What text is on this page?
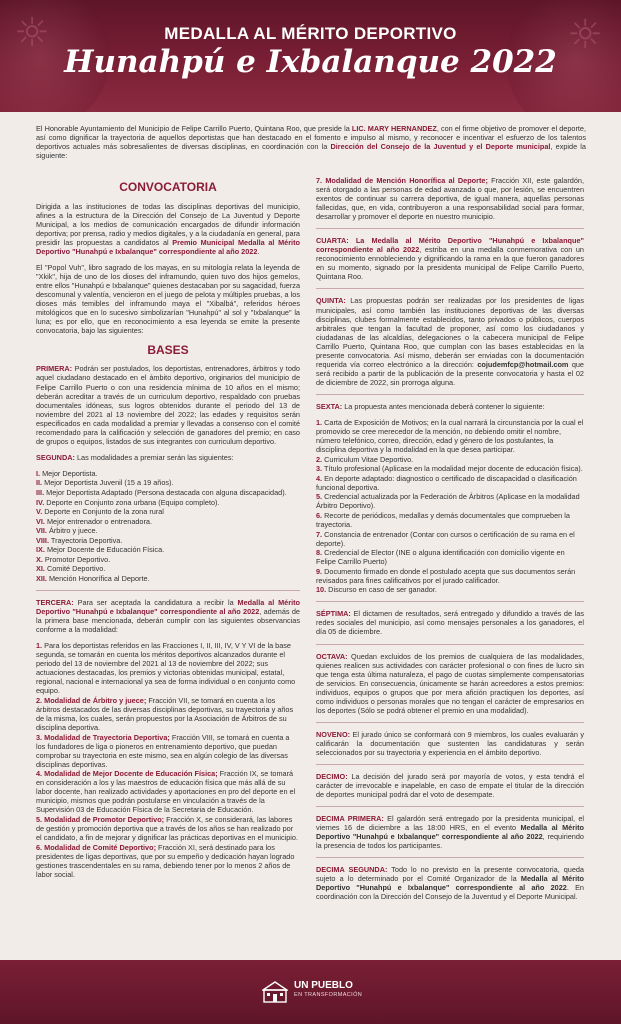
☼	☼
MEDALLA AL MÉRITO DEPORTIVO
Hunahpú e Ixbalanque 2022

El Honorable Ayuntamiento del Municipio de Felipe Carrillo Puerto, Quintana Roo, que preside la LIC. MARY HERNANDEZ, con el firme objetivo de promover el deporte, así como dignificar la trayectoria de aquellos deportistas que han destacado en el fomento e impulso al mismo, y reconocer e incentivar el esfuerzo de los talentos deportivos actuales más sobresalientes de diversas disciplinas, en coordinación con la Dirección del Consejo de la Juventud y el Deporte municipal, expide la siguiente:

CONVOCATORIA

Dirigida a las instituciones de todas las disciplinas deportivas del municipio, afines a la estructura de la Dirección del Consejo de La Juventud y Deporte Municipal, a los medios de comunicación encargados de difundir información deportiva; por prensa, radio y medios digitales, y a la ciudadanía en general, para presidir las propuestas a candidatos al Premio Municipal Medalla al Mérito Deportivo "Hunahpú e Ixbalanque" correspondiente al año 2022.

El "Popol Vuh", libro sagrado de los mayas, en su mitología relata la leyenda de "Xkik", hija de uno de los dioses del inframundo, quien tuvo dos hijos gemelos, entre ellos "Hunahpú e Ixbalanque" quienes destacaban por su sagacidad, fuerza descomunal y valentía, vencieron en el juego de pelota y múltiples pruebas, a los dioses más temibles del inframundo maya el "Xibalbá", referidos héroes mitológicos que en lo sucesivo simbolizarían "Hunahpú" al sol y "Ixbalanque" la luna; es por ello, que en reconocimiento a esa leyenda se emite la presente convocatoria, bajo las siguientes:

BASES

PRIMERA: Podrán ser postulados, los deportistas, entrenadores, árbitros y todo aquel ciudadano destacado en el ámbito deportivo, originarios del municipio de Felipe Carrillo Puerto o con una residencia mínima de 10 años en el mismo; deberán acreditar a través de un curriculum deportivo, respaldado con pruebas documentales idóneas, sus logros obtenidos durante el periodo del 13 de noviembre del 2021 al 13 noviembre del 2022; las edades y requisitos serán especificados en cada modalidad a premiar y llevadas a consenso con el comité recomendado para la calificación y selección de ganadores del premio; en caso de grupos o equipos, listados de sus integrantes con curriculum deportivo.

SEGUNDA: Las modalidades a premiar serán las siguientes:

I. Mejor Deportista.
II. Mejor Deportista Juvenil (15 a 19 años).
III. Mejor Deportista Adaptado (Persona destacada con alguna discapacidad).
IV. Deporte en Conjunto zona urbana (Equipo completo).
V. Deporte en Conjunto de la zona rural
VI. Mejor entrenador o entrenadora.
VII. Árbitro y juece.
VIII. Trayectoria Deportiva.
IX. Mejor Docente de Educación Física.
X. Promotor Deportivo.
XI. Comité Deportivo.
XII. Mención Honorífica al Deporte.

TERCERA: Para ser aceptada la candidatura a recibir la Medalla al Mérito Deportivo "Hunahpú e Ixbalanque" correspondiente al año 2022, además de la primera base mencionada, deberán cumplir con las siguientes observancias conforme a la modalidad:

1. Para los deportistas referidos en las Fracciones I, II, III, IV, V Y VI de la base segunda, se tomarán en cuenta los méritos deportivos alcanzados durante el periodo del 13 de noviembre del 2021 al 13 de noviembre del 2022; sus actuaciones destacadas, los premios y victorias obtenidas municipal, estatal, regional, nacional e internacional ya sea de forma individual o en conjunto como equipo.
2. Modalidad de Árbitro y juece; Fracción VII, se tomará en cuenta a los árbitros destacados de las diversas disciplinas deportivas, su trayectoria y años de la misma, los cuales, serán propuestos por la Asociación de Árbitros de su disciplina deportiva.
3. Modalidad de Trayectoria Deportiva; Fracción VIII, se tomará en cuenta a los fundadores de liga o pioneros en entrenamiento deportivo, que puedan comprobar su trayectoria en este mismo, sea en algún colegio de las diversas disciplinas deportivas.
4. Modalidad de Mejor Docente de Educación Física; Fracción IX, se tomará en consideración a los y las maestros de educación física que más allá de su labor docente, han realizado actividades y aportaciones en pro del deporte en el municipio, mismos que podrán postularse en vinculación a través de la Supervisión 03 de Educación Física de la Secretaria de Educación.
5. Modalidad de Promotor Deportivo; Fracción X, se considerará, las labores de gestión y promoción deportiva que a través de los años se han realizado por el candidato, a fin de mejorar y dignificar las prácticas deportivas en el municipio.
6. Modalidad de Comité Deportivo; Fracción XI, será destinado para los presidentes de ligas deportivas, que por su empeño y dedicación hayan logrado gestiones trascendentales en su rama, debiendo tener por lo menos 2 años de labor social.

7. Modalidad de Mención Honorífica al Deporte; Fracción XII, este galardón, será otorgado a las personas de edad avanzada o que, por lesión, se encuentren exentos de continuar su carrera deportiva, de igual manera, aquellas personas fallecidas, que, en vida, contribuyeron a una responsabilidad social para formar, desarrollar y promover el deporte en nuestro municipio.

CUARTA: La Medalla al Mérito Deportivo "Hunahpú e Ixbalanque" correspondiente al año 2022, estriba en una medalla conmemorativa con un reconocimiento ennobleciendo y dignificando la rama en la que fueron ganadores en su momento, signado por la presidenta municipal de Felipe Carrillo Puerto, Quintana Roo.

QUINTA: Las propuestas podrán ser realizadas por los presidentes de ligas municipales, así como también las instituciones deportivas de las diversas disciplinas, clubes formalmente establecidos, tanto privados o públicos, cuerpos arbitrales que tengan la facultad de proponer, así como los ciudadanos y ciudadanas de las alcaldías, delegaciones o la cabecera municipal de Felipe Carrillo Puerto, Quintana Roo, que cumplan con las bases establecidas en la presente convocatoria. Así mismo, deberán ser enviadas con la documentación requerida vía correo electrónico a la dirección: cojudemfcp@hotmail.com que será recibido a partir de la publicación de la presente convocatoria y hasta el 02 de diciembre de 2022, sin prorroga alguna.

SEXTA: La propuesta antes mencionada deberá contener lo siguiente:

1. Carta de Exposición de Motivos; en la cual narrará la circunstancia por la cual el promovido se cree merecedor de la mención, no debiendo omitir el nombre, número telefónico, correo, dirección, edad y género de los postulantes, la disciplina deportiva y la modalidad en la que desea participar.
2. Curriculum Vitae Deportivo.
3. Título profesional (Aplicase en la modalidad mejor docente de educación física).
4. En deporte adaptado: diagnostico o certificado de discapacidad o clasificación funcional deportiva.
5. Credencial actualizada por la Federación de Árbitros (Aplicase en la modalidad Árbitro Deportivo).
6. Recorte de periódicos, medallas y demás documentales que comprueben la trayectoria.
7. Constancia de entrenador (Contar con cursos o certificación de su rama en el deporte).
8. Credencial de Elector (INE o alguna identificación con domicilio vigente en Felipe Carrillo Puerto)
9. Documento firmado en donde el postulado acepta que sus documentos serán revisados para fines calificativos por el jurado calificador.
10. Discurso en caso de ser ganador.

SÉPTIMA: El dictamen de resultados, será entregado y difundido a través de las redes sociales del municipio, así como mensajes personales a los ganadores, el día 05 de diciembre.

OCTAVA: Quedan excluidos de los premios de cualquiera de las modalidades, quienes realicen sus actividades con carácter profesional o con fines de lucro sin que tenga esta última naturaleza, el pago de cuotas simplemente compensatorias de servicios. En consecuencia, únicamente se harán acreedores a estos premios: individuos, equipos o grupos que por mera afición practiquen los deportes, así como individuos o personas morales que no tengan el carácter de empresarios en los deportes (Sólo se podrá obtener el premio en una modalidad).

NOVENO: El jurado único se conformará con 9 miembros, los cuales evaluarán y calificarán la documentación que sustenten las candidaturas y serán seleccionados por su trayectoria y experiencia en el ámbito deportivo.

DECIMO: La decisión del jurado será por mayoría de votos, y esta tendrá el carácter de irrevocable e inapelable, en caso de empate el titular de la dirección de deportes municipal podrá dar el voto de desempate.

DECIMA PRIMERA: El galardón será entregado por la presidenta municipal, el viernes 16 de diciembre a las 18:00 HRS, en el evento Medalla al Mérito Deportivo "Hunahpú e Ixbalanque" correspondiente al año 2022, requiriendo la presencia de todos los participantes.

DECIMA SEGUNDA: Todo lo no previsto en la presente convocatoria, queda sujeto a lo determinado por el Comité Organizador de la Medalla al Mérito Deportivo "Hunahpú e Ixbalanque" correspondiente al año 2022. En coordinación con la Dirección del Consejo de la Juventud y el Deporte Municipal.

UN PUEBLO
EN TRANSFORMACIÓN
